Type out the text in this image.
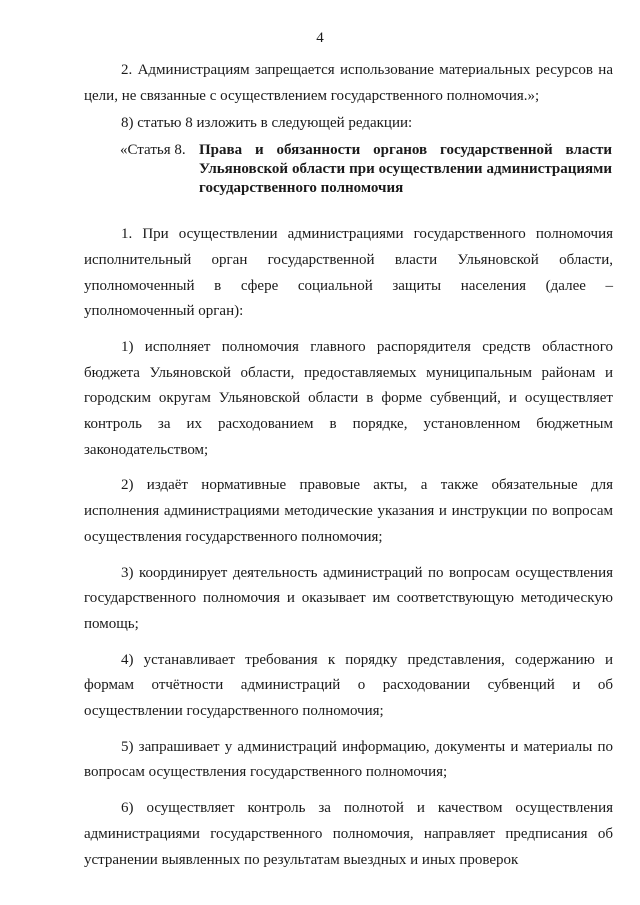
4

2. Администрациям запрещается использование материальных ресурсов на цели, не связанные с осуществлением государственного полномочия.»;

8) статью 8 изложить в следующей редакции:

«Статья 8. Права и обязанности органов государственной власти Ульяновской области при осуществлении администрациями государственного полномочия

1. При осуществлении администрациями государственного полномочия исполнительный орган государственной власти Ульяновской области, уполномоченный в сфере социальной защиты населения (далее – уполномоченный орган):

1) исполняет полномочия главного распорядителя средств областного бюджета Ульяновской области, предоставляемых муниципальным районам и городским округам Ульяновской области в форме субвенций, и осуществляет контроль за их расходованием в порядке, установленном бюджетным законодательством;

2) издаёт нормативные правовые акты, а также обязательные для исполнения администрациями методические указания и инструкции по вопросам осуществления государственного полномочия;

3) координирует деятельность администраций по вопросам осуществления государственного полномочия и оказывает им соответствующую методическую помощь;

4) устанавливает требования к порядку представления, содержанию и формам отчётности администраций о расходовании субвенций и об осуществлении государственного полномочия;

5) запрашивает у администраций информацию, документы и материалы по вопросам осуществления государственного полномочия;

6) осуществляет контроль за полнотой и качеством осуществления администрациями государственного полномочия, направляет предписания об устранении выявленных по результатам выездных и иных проверок
